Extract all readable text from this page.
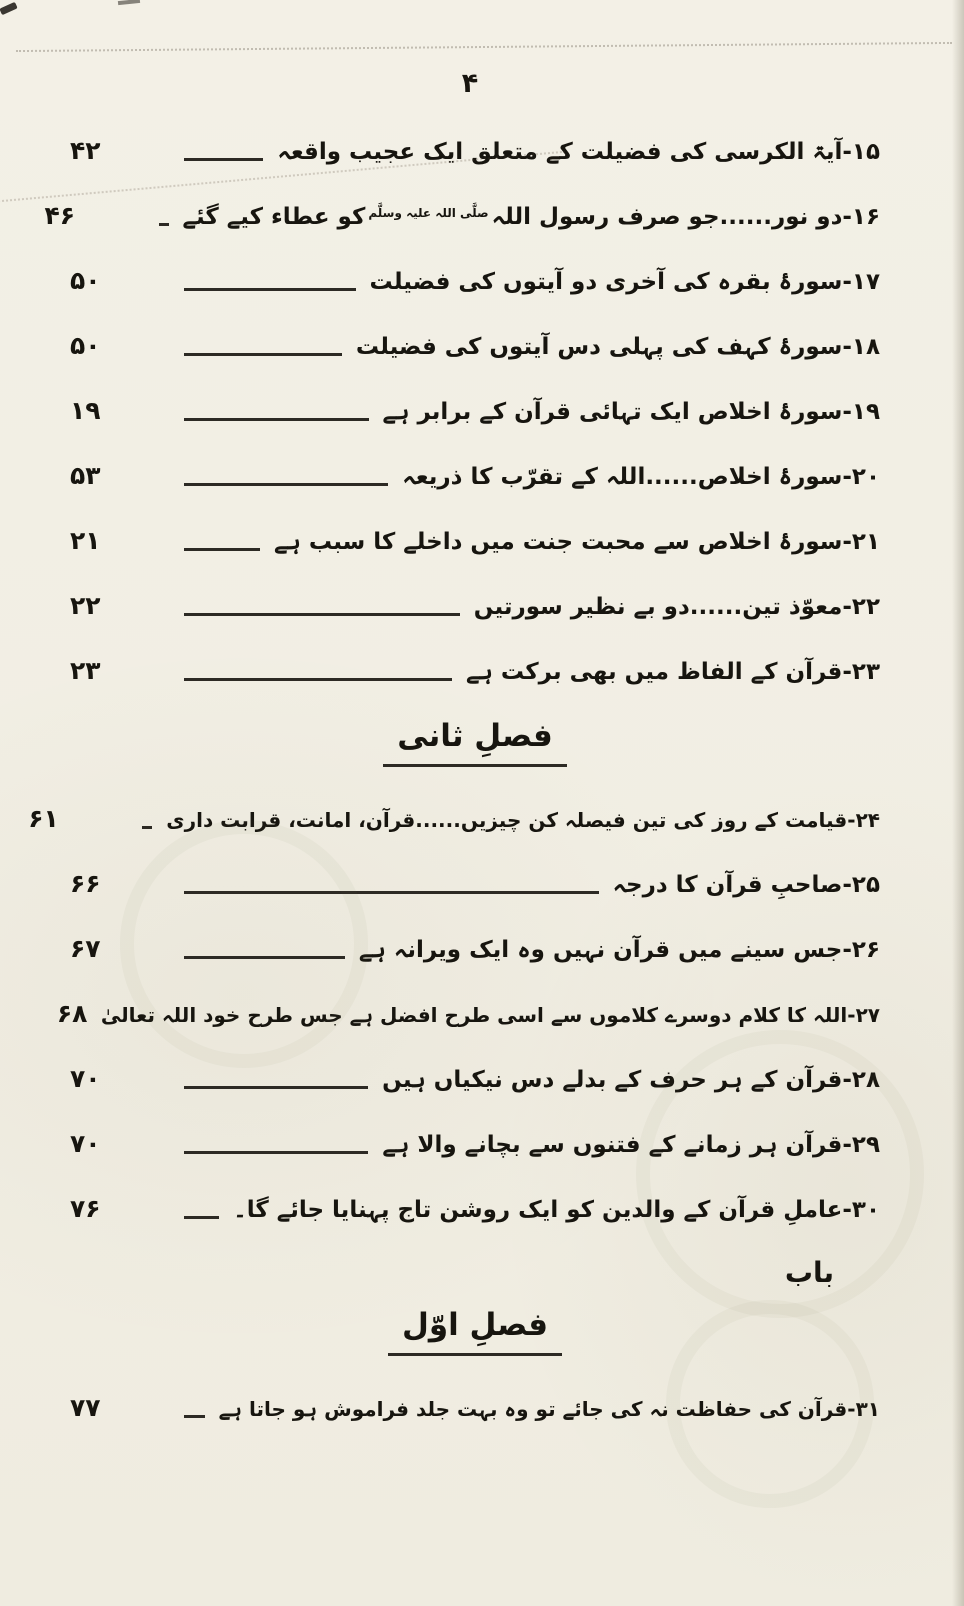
۴
۱۵-آیۃ الکرسی کی فضیلت کے متعلق ایک عجیب واقعہ
۴۲
۱۶-دو نور......جو صرف رسول اللہصلَّی اللہ علیہ وسلَّمکو عطاء کیے گئے
۴۶
۱۷-سورۂ بقرہ کی آخری دو آیتوں کی فضیلت
۵۰
۱۸-سورۂ کہف کی پہلی دس آیتوں کی فضیلت
۵۰
۱۹-سورۂ اخلاص ایک تہائی قرآن کے برابر ہے
۱۹
۲۰-سورۂ اخلاص......اللہ کے تقرّب کا ذریعہ
۵۳
۲۱-سورۂ اخلاص سے محبت جنت میں داخلے کا سبب ہے
۲۱
۲۲-معوّذ تین......دو بے نظیر سورتیں
۲۲
۲۳-قرآن کے الفاظ میں بھی برکت ہے
۲۳
فصلِ ثانی
۲۴-قیامت کے روز کی تین فیصلہ کن چیزیں......قرآن، امانت، قرابت داری
۶۱
۲۵-صاحبِ قرآن کا درجہ
۶۶
۲۶-جس سینے میں قرآن نہیں وہ ایک ویرانہ ہے
۶۷
۲۷-اللہ کا کلام دوسرے کلاموں سے اسی طرح افضل ہے جس طرح خود اللہ تعالیٰ
۶۸
۲۸-قرآن کے ہر حرف کے بدلے دس نیکیاں ہیں
۷۰
۲۹-قرآن ہر زمانے کے فتنوں سے بچانے والا ہے
۷۰
۳۰-عاملِ قرآن کے والدین کو ایک روشن تاج پہنایا جائے گا۔
۷۶
باب
فصلِ اوّل
۳۱-قرآن کی حفاظت نہ کی جائے تو وہ بہت جلد فراموش ہو جاتا ہے
۷۷
